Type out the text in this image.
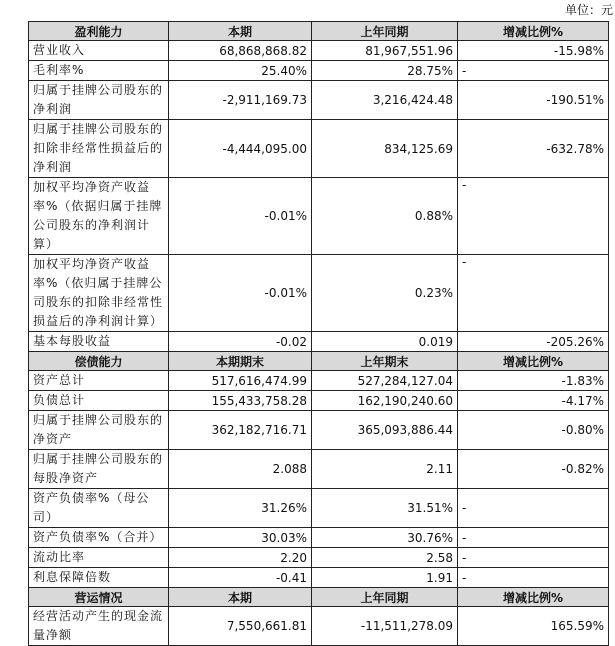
单位：元
盈利能力	本期	上年同期	增减比例%
营业收入	68,868,868.82	81,967,551.96	-15.98%
毛利率%	25.40%	28.75%	-
归属于挂牌公司股东的净利润	-2,911,169.73	3,216,424.48	-190.51%
归属于挂牌公司股东的扣除非经常性损益后的净利润	-4,444,095.00	834,125.69	-632.78%
加权平均净资产收益率%（依据归属于挂牌公司股东的净利润计算）	-0.01%	0.88%	-
加权平均净资产收益率%（依归属于挂牌公司股东的扣除非经常性损益后的净利润计算）	-0.01%	0.23%	-
基本每股收益	-0.02	0.019	-205.26%
偿债能力	本期期末	上年期末	增减比例%
资产总计	517,616,474.99	527,284,127.04	-1.83%
负债总计	155,433,758.28	162,190,240.60	-4.17%
归属于挂牌公司股东的净资产	362,182,716.71	365,093,886.44	-0.80%
归属于挂牌公司股东的每股净资产	2.088	2.11	-0.82%
资产负债率%（母公司）	31.26%	31.51%	-
资产负债率%（合并）	30.03%	30.76%	-
流动比率	2.20	2.58	-
利息保障倍数	-0.41	1.91	-
营运情况	本期	上年同期	增减比例%
经营活动产生的现金流量净额	7,550,661.81	-11,511,278.09	165.59%
